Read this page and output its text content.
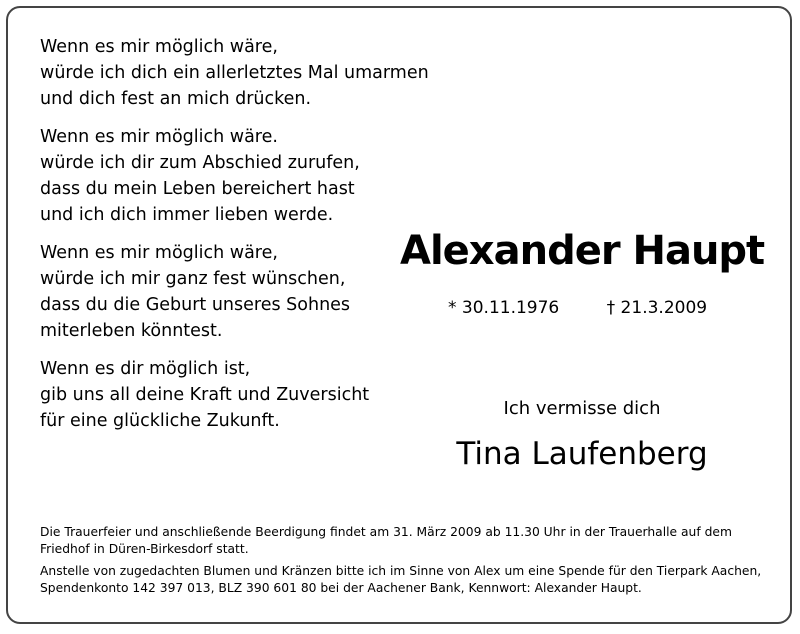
Wenn es mir möglich wäre,
würde ich dich ein allerletztes Mal umarmen
und dich fest an mich drücken.
Wenn es mir möglich wäre.
würde ich dir zum Abschied zurufen,
dass du mein Leben bereichert hast
und ich dich immer lieben werde.
Wenn es mir möglich wäre,
würde ich mir ganz fest wünschen,
dass du die Geburt unseres Sohnes
miterleben könntest.
Wenn es dir möglich ist,
gib uns all deine Kraft und Zuversicht
für eine glückliche Zukunft.
Alexander Haupt
* 30.11.1976	† 21.3.2009
Ich vermisse dich
Tina Laufenberg

Die Trauerfeier und anschließende Beerdigung findet am 31. März 2009 ab 11.30 Uhr in der Trauerhalle auf dem Friedhof in Düren-Birkesdorf statt.

Anstelle von zugedachten Blumen und Kränzen bitte ich im Sinne von Alex um eine Spende für den Tierpark Aachen, Spendenkonto 142 397 013, BLZ 390 601 80 bei der Aachener Bank, Kennwort: Alexander Haupt.
